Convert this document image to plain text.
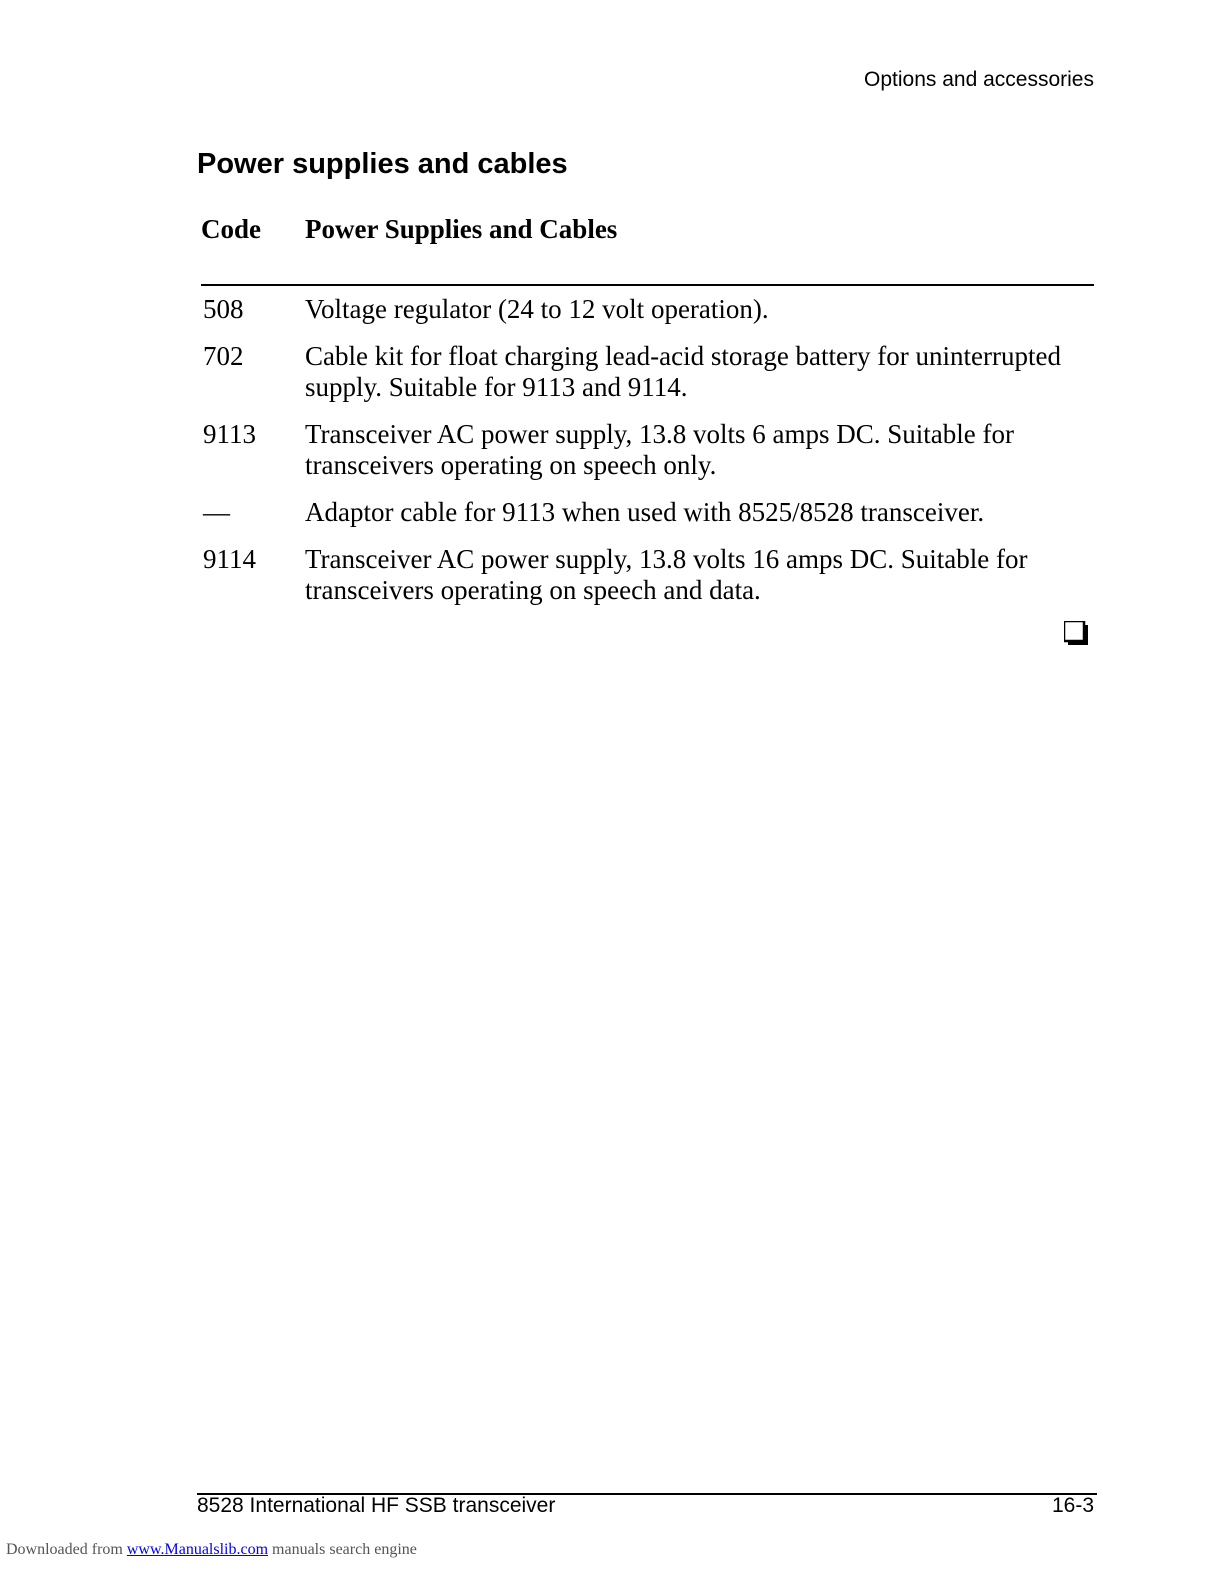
Options and accessories
Power supplies and cables
Code Power Supplies and Cables
508	Voltage regulator (24 to 12 volt operation).
702	Cable kit for float charging lead-acid storage battery for uninterrupted supply. Suitable for 9113 and 9114.
9113	Transceiver AC power supply, 13.8 volts 6 amps DC. Suitable for transceivers operating on speech only.
—	Adaptor cable for 9113 when used with 8525/8528 transceiver.
9114	Transceiver AC power supply, 13.8 volts 16 amps DC. Suitable for transceivers operating on speech and data.
8528 International HF SSB transceiver	16-3
Downloaded from www.Manualslib.com manuals search engine
